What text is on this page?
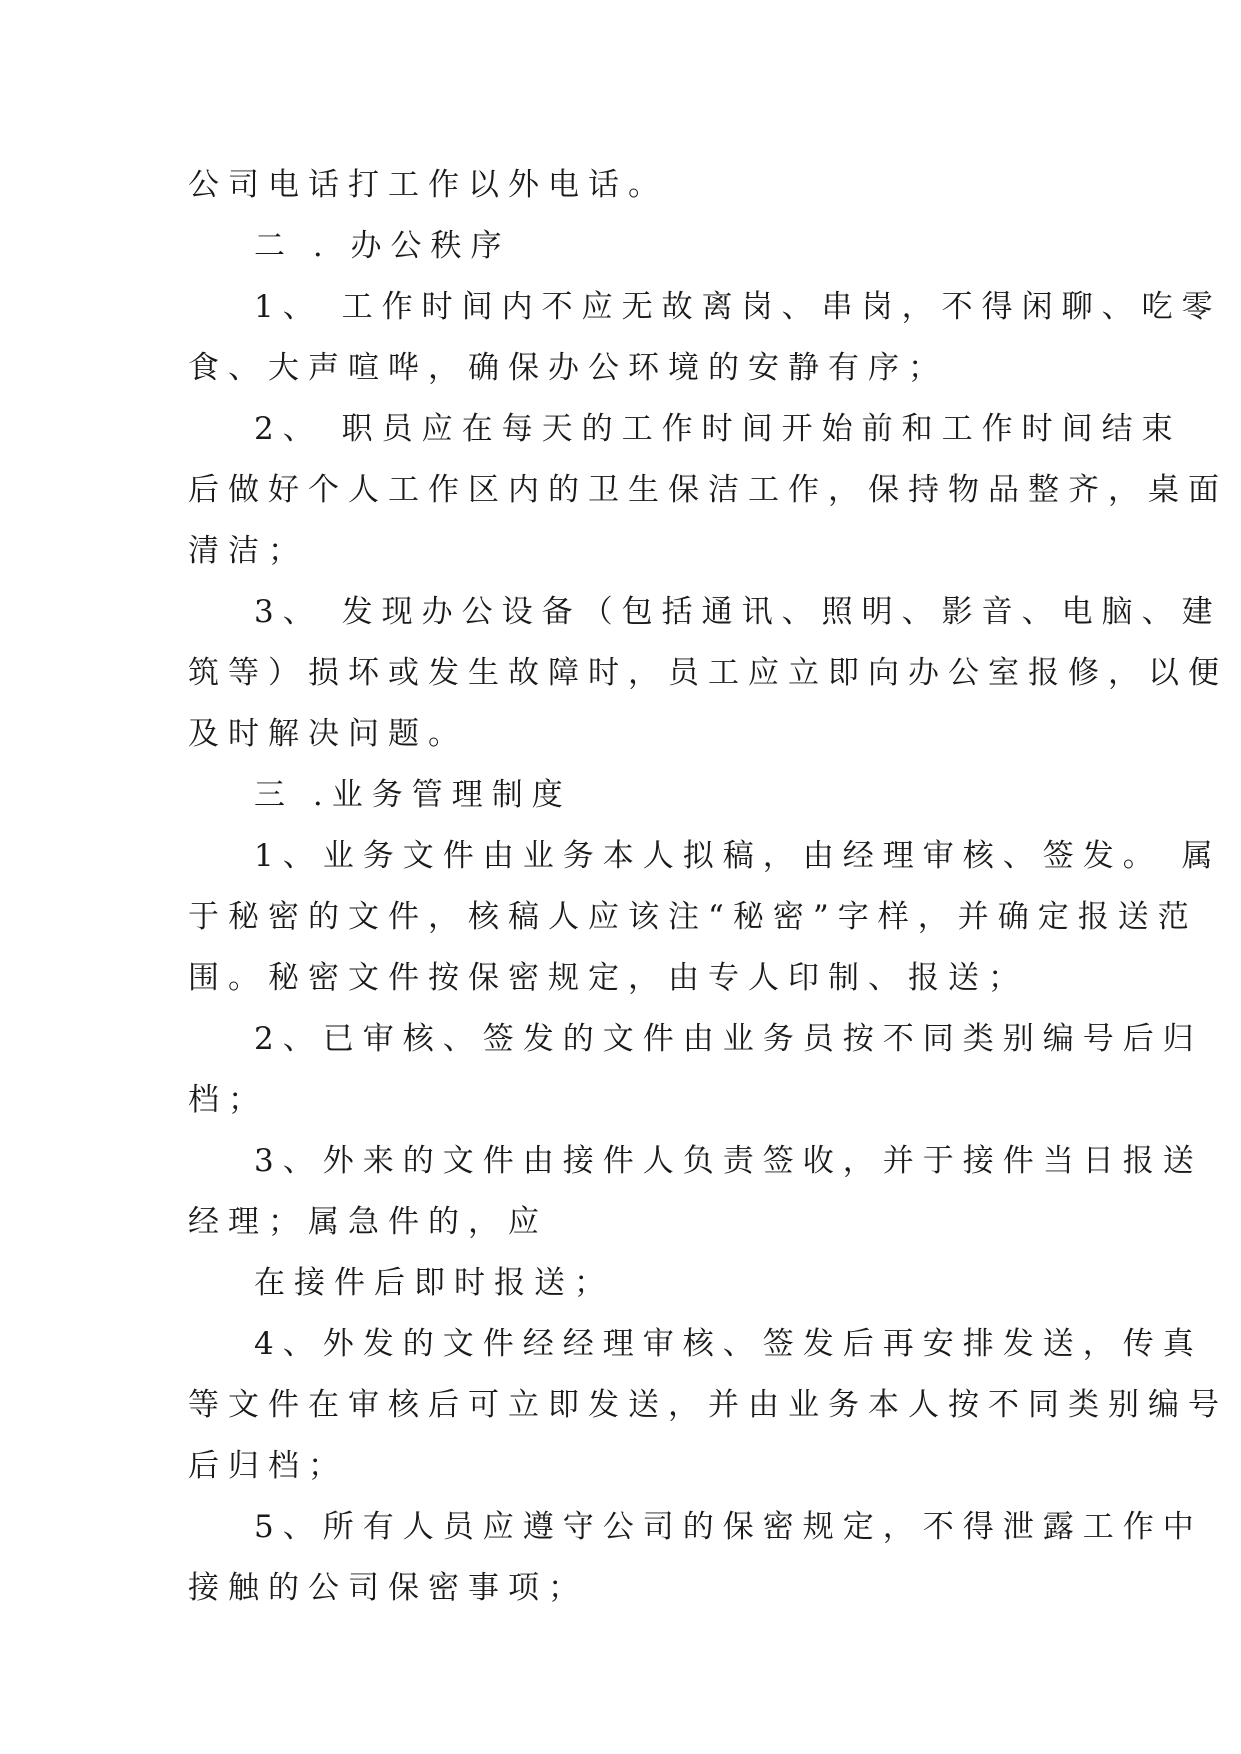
公司电话打工作以外电话。

二 . 办公秩序

1、 工作时间内不应无故离岗、串岗，不得闲聊、吃零

食、大声喧哗，确保办公环境的安静有序；

2、 职员应在每天的工作时间开始前和工作时间结束

后做好个人工作区内的卫生保洁工作，保持物品整齐，桌面

清洁；

3、 发现办公设备（包括通讯、照明、影音、电脑、建

筑等）损坏或发生故障时，员工应立即向办公室报修，以便

及时解决问题。

三 .业务管理制度

1、业务文件由业务本人拟稿，由经理审核、签发。 属

于秘密的文件，核稿人应该注“秘密”字样，并确定报送范

围。秘密文件按保密规定，由专人印制、报送；

2、已审核、签发的文件由业务员按不同类别编号后归

档；

3、外来的文件由接件人负责签收，并于接件当日报送

经理；属急件的，应

在接件后即时报送；

4、外发的文件经经理审核、签发后再安排发送，传真

等文件在审核后可立即发送，并由业务本人按不同类别编号

后归档；

5、所有人员应遵守公司的保密规定，不得泄露工作中

接触的公司保密事项；
